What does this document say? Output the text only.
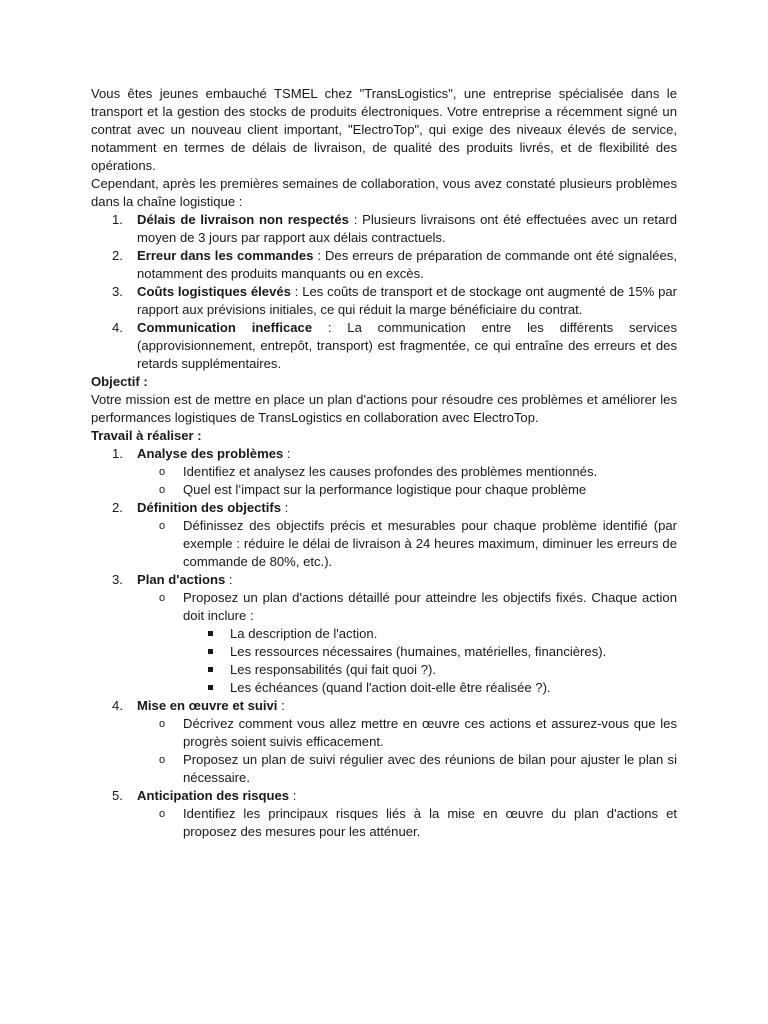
Vous êtes jeunes embauché TSMEL chez "TransLogistics", une entreprise spécialisée dans le transport et la gestion des stocks de produits électroniques. Votre entreprise a récemment signé un contrat avec un nouveau client important, "ElectroTop", qui exige des niveaux élevés de service, notamment en termes de délais de livraison, de qualité des produits livrés, et de flexibilité des opérations.

Cependant, après les premières semaines de collaboration, vous avez constaté plusieurs problèmes dans la chaîne logistique :

1. Délais de livraison non respectés : Plusieurs livraisons ont été effectuées avec un retard moyen de 3 jours par rapport aux délais contractuels.
2. Erreur dans les commandes : Des erreurs de préparation de commande ont été signalées, notamment des produits manquants ou en excès.
3. Coûts logistiques élevés : Les coûts de transport et de stockage ont augmenté de 15% par rapport aux prévisions initiales, ce qui réduit la marge bénéficiaire du contrat.
4. Communication inefficace : La communication entre les différents services (approvisionnement, entrepôt, transport) est fragmentée, ce qui entraîne des erreurs et des retards supplémentaires.

Objectif :

Votre mission est de mettre en place un plan d'actions pour résoudre ces problèmes et améliorer les performances logistiques de TransLogistics en collaboration avec ElectroTop.

Travail à réaliser :

1. Analyse des problèmes :
o Identifiez et analysez les causes profondes des problèmes mentionnés.
o Quel est l’impact sur la performance logistique pour chaque problème
2. Définition des objectifs :
o Définissez des objectifs précis et mesurables pour chaque problème identifié (par exemple : réduire le délai de livraison à 24 heures maximum, diminuer les erreurs de commande de 80%, etc.).
3. Plan d'actions :
o Proposez un plan d'actions détaillé pour atteindre les objectifs fixés. Chaque action doit inclure :
La description de l'action.
Les ressources nécessaires (humaines, matérielles, financières).
Les responsabilités (qui fait quoi ?).
Les échéances (quand l'action doit-elle être réalisée ?).
4. Mise en œuvre et suivi :
o Décrivez comment vous allez mettre en œuvre ces actions et assurez-vous que les progrès soient suivis efficacement.
o Proposez un plan de suivi régulier avec des réunions de bilan pour ajuster le plan si nécessaire.
5. Anticipation des risques :
o Identifiez les principaux risques liés à la mise en œuvre du plan d'actions et proposez des mesures pour les atténuer.
